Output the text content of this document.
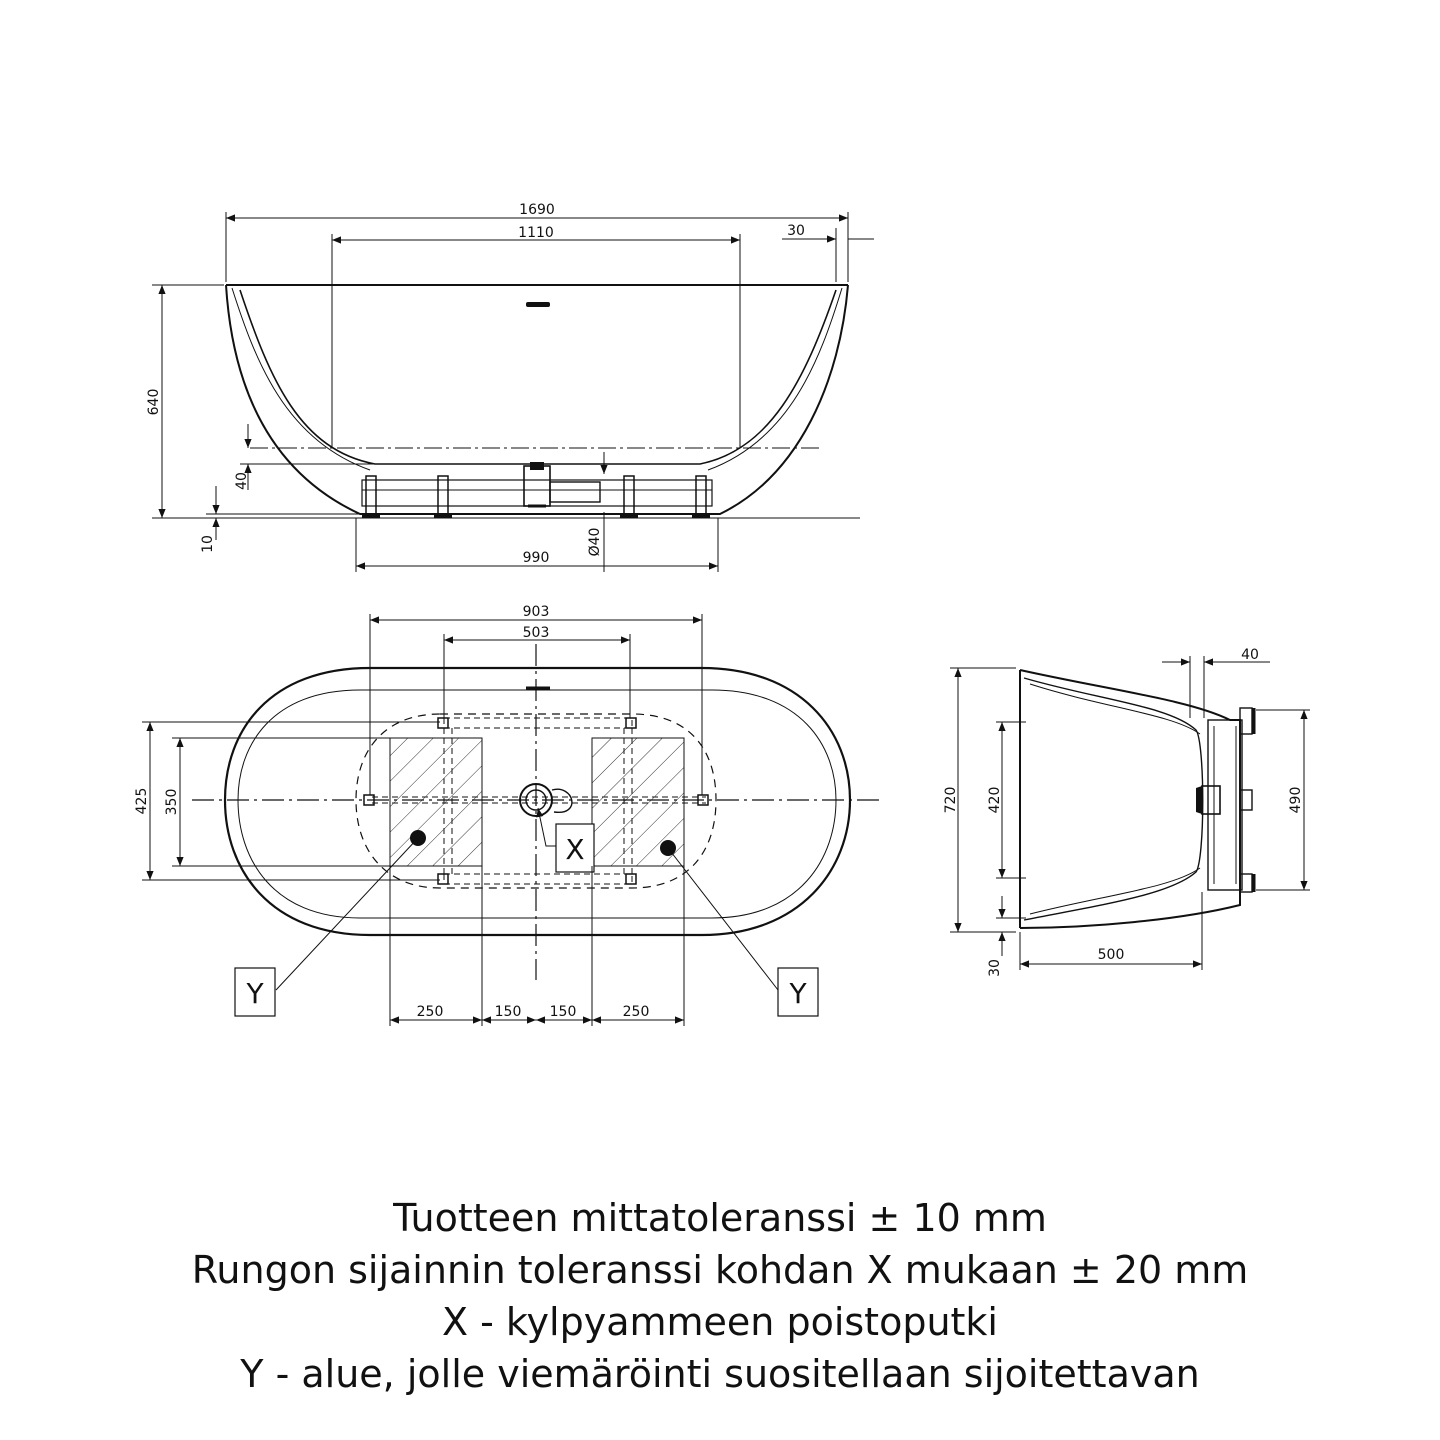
1690
1110	30
640
40
10
990
Ø40
Y	Y
X
903
503
425 350
250	150 150	250
40
720 420	490
30
500
Tuotteen mittatoleranssi ± 10 mm
Rungon sijainnin toleranssi kohdan X mukaan ± 20 mm
X - kylpyammeen poistoputki
Y - alue, jolle viemäröinti suositellaan sijoitettavan
